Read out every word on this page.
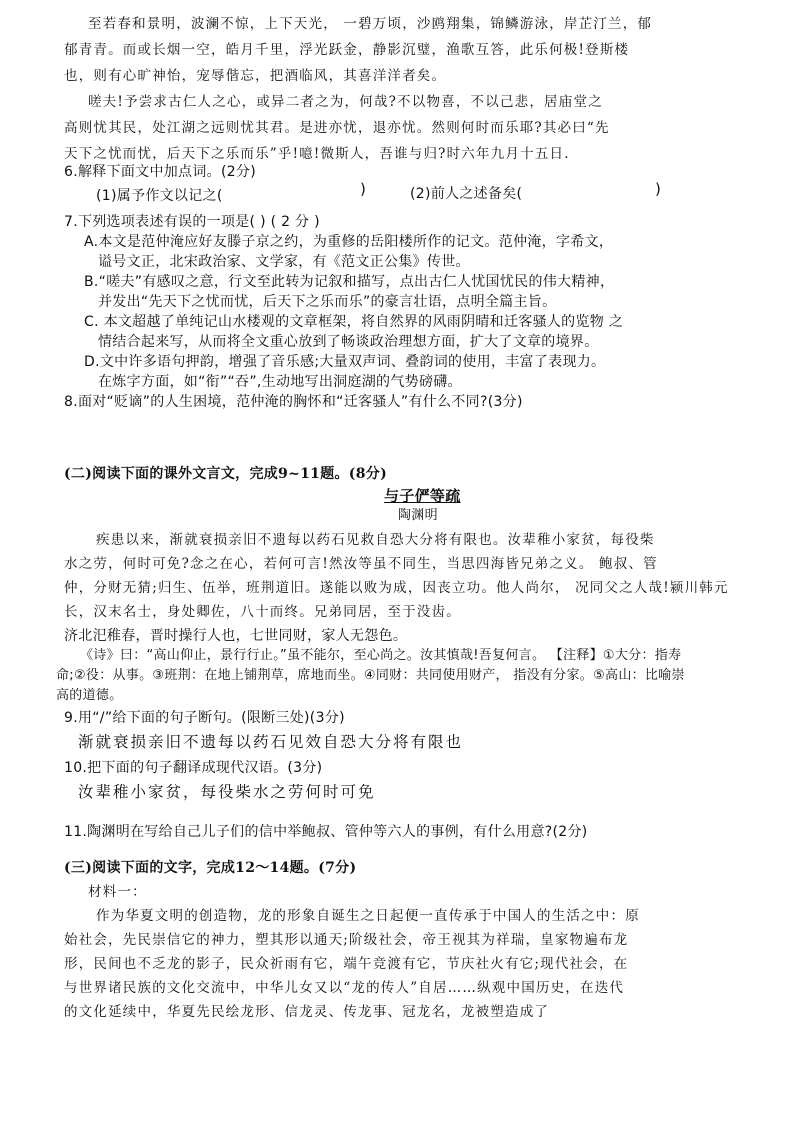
至若春和景明，波澜不惊，上下天光， 一碧万顷，沙鸥翔集，锦鳞游泳，岸芷汀兰，郁
郁青青。而或长烟一空，皓月千里，浮光跃金，静影沉璧，渔歌互答，此乐何极!登斯楼
也，则有心旷神怡，宠辱偕忘，把酒临风，其喜洋洋者矣。
嗟夫!予尝求古仁人之心，或异二者之为，何哉?不以物喜，不以己悲，居庙堂之
高则忧其民，处江湖之远则忧其君。是进亦忧，退亦忧。然则何时而乐耶?其必曰“先
天下之忧而忧，后天下之乐而乐”乎!噫!微斯人，吾谁与归?时六年九月十五日.
6.解释下面文中加点词。(2分)
(1)属予作文以记之(	)	(2)前人之述备矣(	)
7.下列选项表述有误的一项是( ) ( 2 分 )
A.本文是范仲淹应好友滕子京之约，为重修的岳阳楼所作的记文。范仲淹，字希文，
谥号文正，北宋政治家、文学家，有《范文正公集》传世。
B.“嗟夫”有感叹之意，行文至此转为记叙和描写，点出古仁人忧国忧民的伟大精神，
并发出“先天下之忧而忧，后天下之乐而乐”的豪言壮语，点明全篇主旨。
C. 本文超越了单纯记山水楼观的文章框架，将自然界的风雨阴晴和迁客骚人的览物 之
情结合起来写，从而将全文重心放到了畅谈政治理想方面，扩大了文章的境界。
D.文中许多语句押韵，增强了音乐感;大量双声词、叠韵词的使用，丰富了表现力。
在炼字方面，如“衔”“吞”,生动地写出洞庭湖的气势磅礴。
8.面对“贬谪”的人生困境，范仲淹的胸怀和“迁客骚人”有什么不同?(3分)
(二)阅读下面的课外文言文，完成9~11题。(8分)
与子俨等疏
陶渊明
疾患以来，渐就衰损亲旧不遗每以药石见救自恐大分将有限也。汝辈稚小家贫，每役柴
水之劳，何时可免?念之在心，若何可言!然汝等虽不同生，当思四海皆兄弟之义。 鲍叔、管
仲，分财无猜;归生、伍举，班荆道旧。遂能以败为成，因丧立功。他人尚尔， 况同父之人哉!颍川韩元
长，汉末名士，身处卿佐，八十而终。兄弟同居，至于没齿。
济北汜稚春，晋时操行人也，七世同财，家人无怨色。
《诗》曰：“高山仰止，景行行止。”虽不能尔，至心尚之。汝其慎哉!吾复何言。 【注释】①大分：指寿
命;②役：从事。③班荆：在地上铺荆草，席地而坐。④同财：共同使用财产， 指没有分家。⑤高山：比喻崇
高的道德。
9.用“/”给下面的句子断句。(限断三处)(3分)
渐就衰损亲旧不遗每以药石见效自恐大分将有限也
10.把下面的句子翻译成现代汉语。(3分)
汝辈稚小家贫，每役柴水之劳何时可免
11.陶渊明在写给自己儿子们的信中举鲍叔、管仲等六人的事例，有什么用意?(2分)
(三)阅读下面的文字，完成12～14题。(7分)
材料一：
作为华夏文明的创造物，龙的形象自诞生之日起便一直传承于中国人的生活之中：原
始社会，先民崇信它的神力，塑其形以通天;阶级社会，帝王视其为祥瑞，皇家物遍布龙
形，民间也不乏龙的影子，民众祈雨有它，端午竞渡有它，节庆社火有它;现代社会，在
与世界诸民族的文化交流中，中华儿女又以“龙的传人”自居……纵观中国历史，在迭代
的文化延续中，华夏先民绘龙形、信龙灵、传龙事、冠龙名，龙被塑造成了
